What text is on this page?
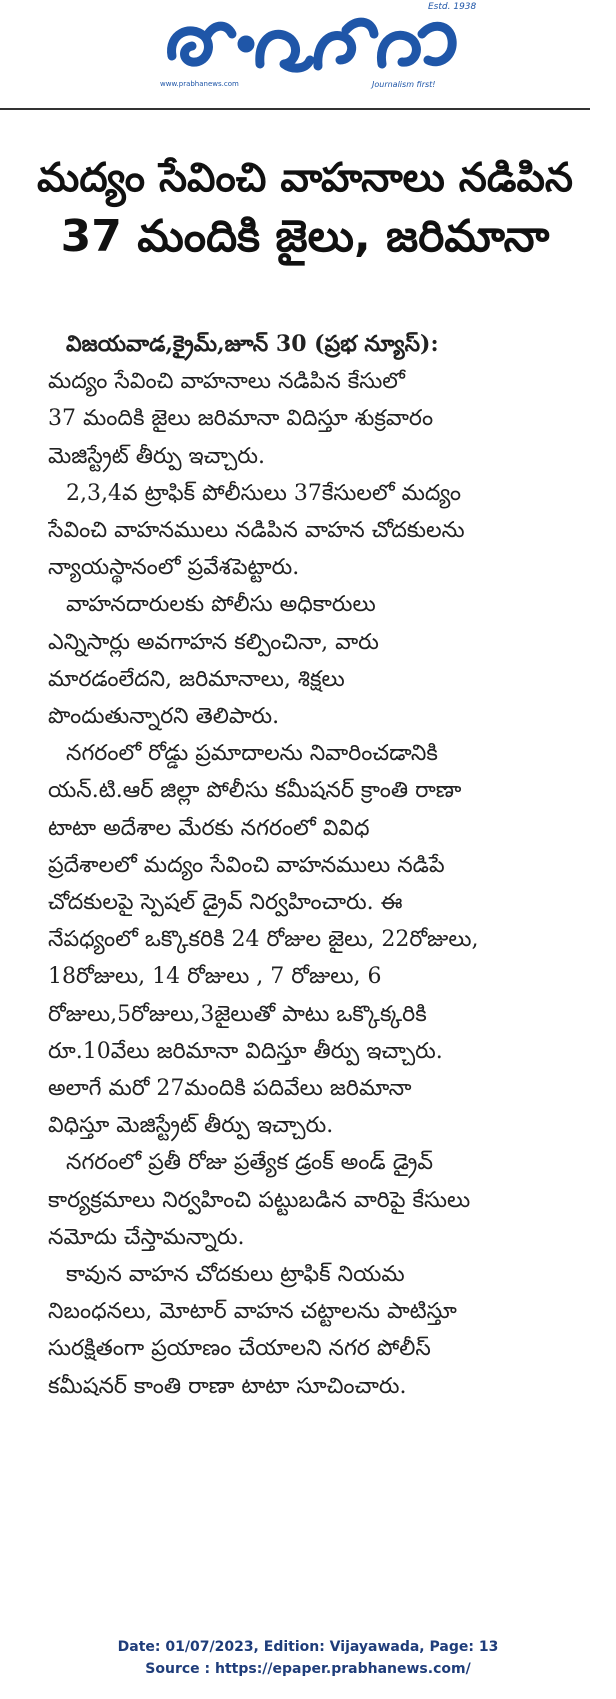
Estd. 1938
www.prabhanews.com	Journalism first!
మద్యం సేవించి వాహనాలు నడిపిన
37 మందికి జైలు, జరిమానా
విజయవాడ,క్రైమ్,జూన్ 30 (ప్రభ న్యూస్):
మద్యం సేవించి వాహనాలు నడిపిన కేసులో
37 మందికి జైలు జరిమానా విదిస్తూ శుక్రవారం
మెజిస్ట్రేట్ తీర్పు ఇచ్చారు.
2,3,4వ ట్రాఫిక్ పోలీసులు 37కేసులలో మద్యం
సేవించి వాహనములు నడిపిన వాహన చోదకులను
న్యాయస్థానంలో ప్రవేశపెట్టారు.
వాహనదారులకు పోలీసు అధికారులు
ఎన్నిసార్లు అవగాహన కల్పించినా, వారు
మారడంలేదని, జరిమానాలు, శిక్షలు
పొందుతున్నారని తెలిపారు.
నగరంలో రోడ్డు ప్రమాదాలను నివారించడానికి
యన్.టి.ఆర్ జిల్లా పోలీసు కమీషనర్ క్రాంతి రాణా
టాటా అదేశాల మేరకు నగరంలో వివిధ
ప్రదేశాలలో మద్యం సేవించి వాహనములు నడిపే
చోదకులపై స్పెషల్ డ్రైవ్ నిర్వహించారు. ఈ
నేపధ్యంలో ఒక్కొకరికి 24 రోజుల జైలు, 22రోజులు,
18రోజులు, 14 రోజులు , 7 రోజులు, 6
రోజులు,5రోజులు,3జైలుతో పాటు ఒక్కొక్కరికి
రూ.10వేలు జరిమానా విదిస్తూ తీర్పు ఇచ్చారు.
అలాగే మరో 27మందికి పదివేలు జరిమానా
విధిస్తూ మెజిస్ట్రేట్ తీర్పు ఇచ్చారు.
నగరంలో ప్రతీ రోజు ప్రత్యేక డ్రంక్ అండ్ డ్రైవ్
కార్యక్రమాలు నిర్వహించి పట్టుబడిన వారిపై కేసులు
నమోదు చేస్తామన్నారు.
కావున వాహన చోదకులు ట్రాఫిక్ నియమ
నిబంధనలు, మోటార్ వాహన చట్టాలను పాటిస్తూ
సురక్షితంగా ప్రయాణం చేయాలని నగర పోలీస్
కమీషనర్ కాంతి రాణా టాటా సూచించారు.
Date: 01/07/2023, Edition: Vijayawada, Page: 13
Source : https://epaper.prabhanews.com/
